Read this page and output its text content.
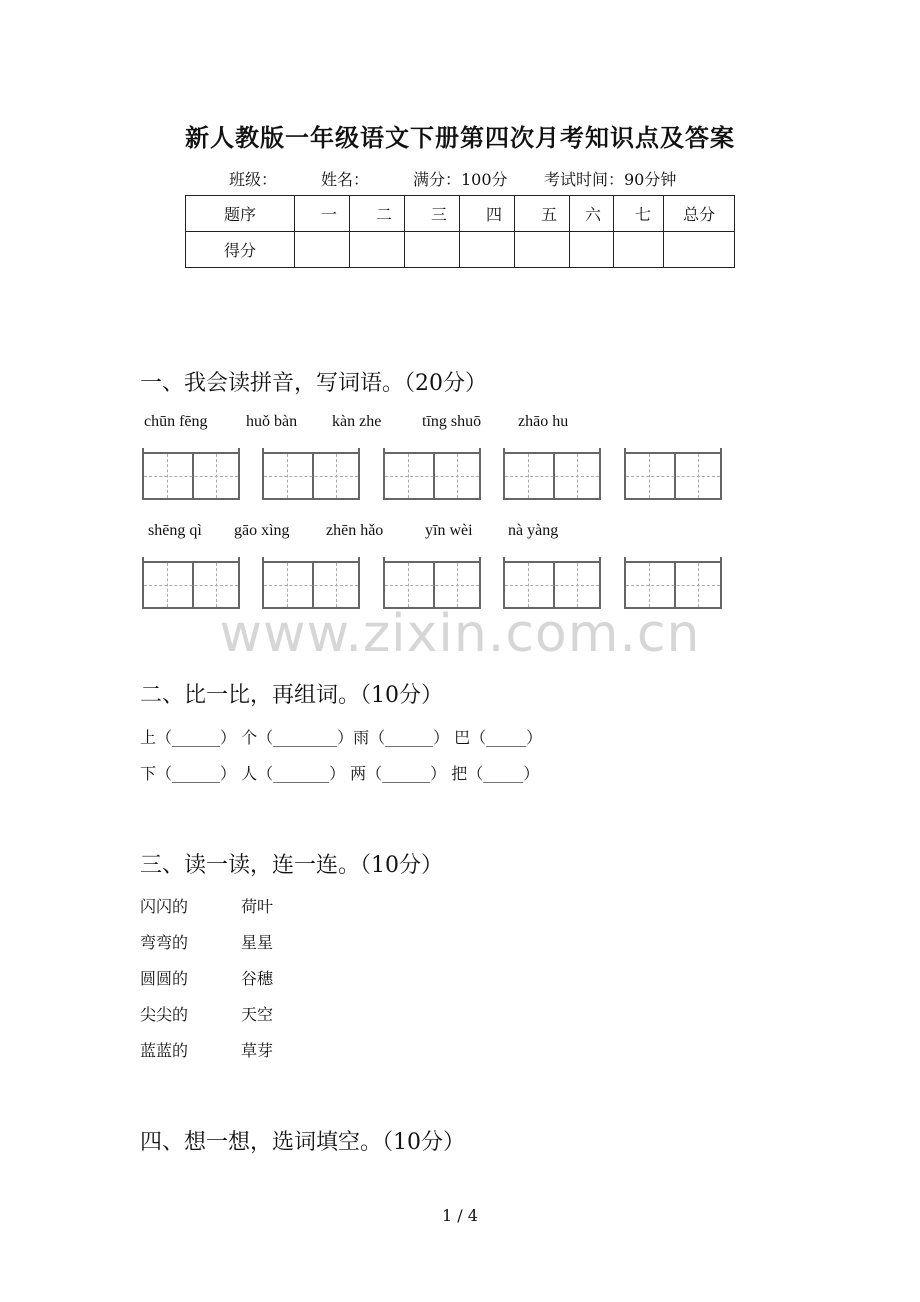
新人教版一年级语文下册第四次月考知识点及答案
班级：	姓名：	满分：100分 考试时间：90分钟
题序	一	二	三	四	五	六	七	总分
得分								
一、我会读拼音，写词语。（20分）
chūn fēng huǒ bàn kàn zhe	tīng shuō zhāo hu
shēng qì gāo xìng zhēn hǎo	yīn wèi nà yàng
www.zixin.com.cn
二、比一比，再组词。（10分）
上（______） 个（________）雨（______） 巴（_____）
下（______） 人（_______） 两（______） 把（_____）
三、读一读，连一连。（10分）
闪闪的	荷叶
弯弯的	星星
圆圆的	谷穗
尖尖的	天空
蓝蓝的	草芽
四、想一想，选词填空。（10分）
1 / 4
